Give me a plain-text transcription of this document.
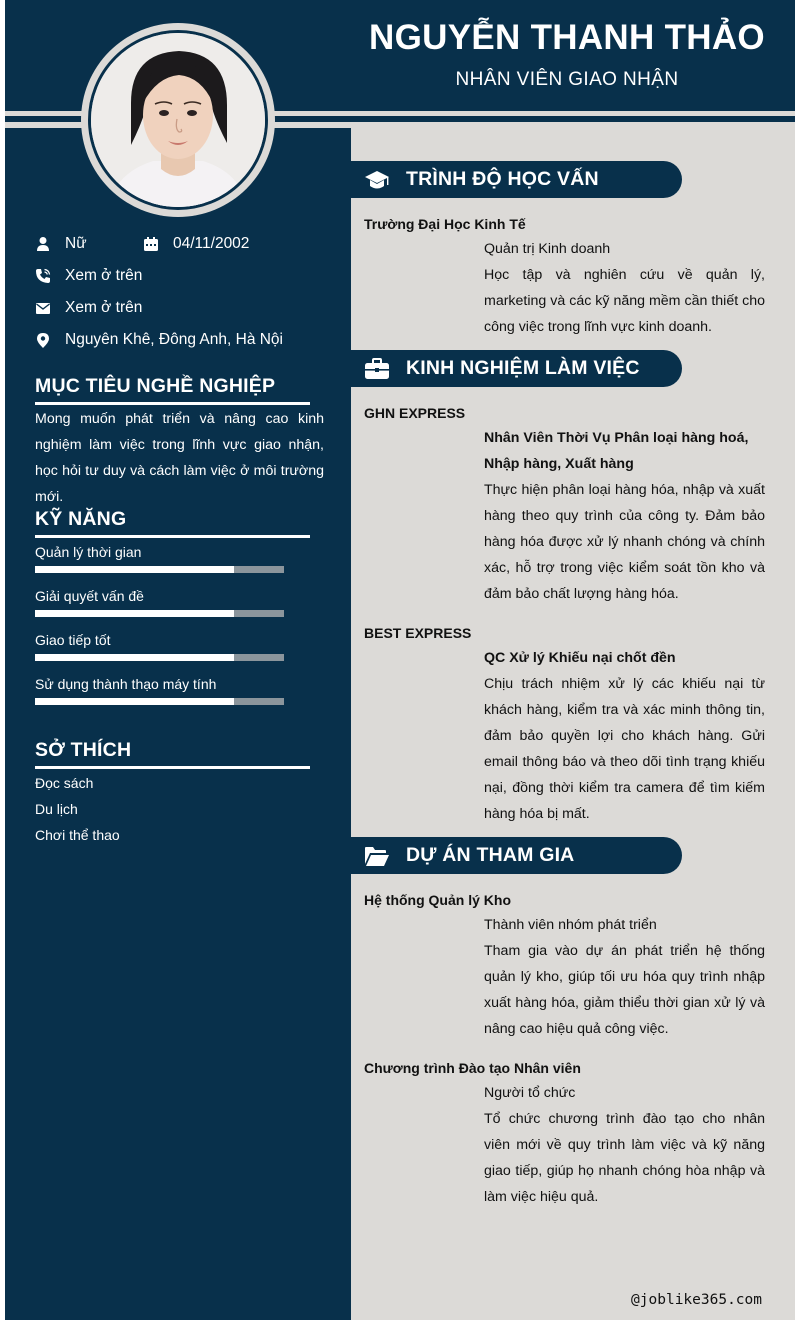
NGUYỄN THANH THẢO
NHÂN VIÊN GIAO NHẬN
Nữ	04/11/2002
Xem ở trên
Xem ở trên
Nguyên Khê, Đông Anh, Hà Nội
MỤC TIÊU NGHỀ NGHIỆP
Mong muốn phát triển và nâng cao kinh nghiệm làm việc trong lĩnh vực giao nhận, học hỏi tư duy và cách làm việc ở môi trường mới.
KỸ NĂNG
Quản lý thời gian
Giải quyết vấn đề
Giao tiếp tốt
Sử dụng thành thạo máy tính
SỞ THÍCH
Đọc sách
Du lịch
Chơi thể thao
TRÌNH ĐỘ HỌC VẤN
Trường Đại Học Kinh Tế
Quản trị Kinh doanh
Học tập và nghiên cứu về quản lý, marketing và các kỹ năng mềm cần thiết cho công việc trong lĩnh vực kinh doanh.
KINH NGHIỆM LÀM VIỆC
GHN EXPRESS
Nhân Viên Thời Vụ Phân loại hàng hoá, Nhập hàng, Xuất hàng
Thực hiện phân loại hàng hóa, nhập và xuất hàng theo quy trình của công ty. Đảm bảo hàng hóa được xử lý nhanh chóng và chính xác, hỗ trợ trong việc kiểm soát tồn kho và đảm bảo chất lượng hàng hóa.
BEST EXPRESS
QC Xử lý Khiếu nại chốt đền
Chịu trách nhiệm xử lý các khiếu nại từ khách hàng, kiểm tra và xác minh thông tin, đảm bảo quyền lợi cho khách hàng. Gửi email thông báo và theo dõi tình trạng khiếu nại, đồng thời kiểm tra camera để tìm kiếm hàng hóa bị mất.
DỰ ÁN THAM GIA
Hệ thống Quản lý Kho
Thành viên nhóm phát triển
Tham gia vào dự án phát triển hệ thống quản lý kho, giúp tối ưu hóa quy trình nhập xuất hàng hóa, giảm thiểu thời gian xử lý và nâng cao hiệu quả công việc.
Chương trình Đào tạo Nhân viên
Người tổ chức
Tổ chức chương trình đào tạo cho nhân viên mới về quy trình làm việc và kỹ năng giao tiếp, giúp họ nhanh chóng hòa nhập và làm việc hiệu quả.
@joblike365.com
